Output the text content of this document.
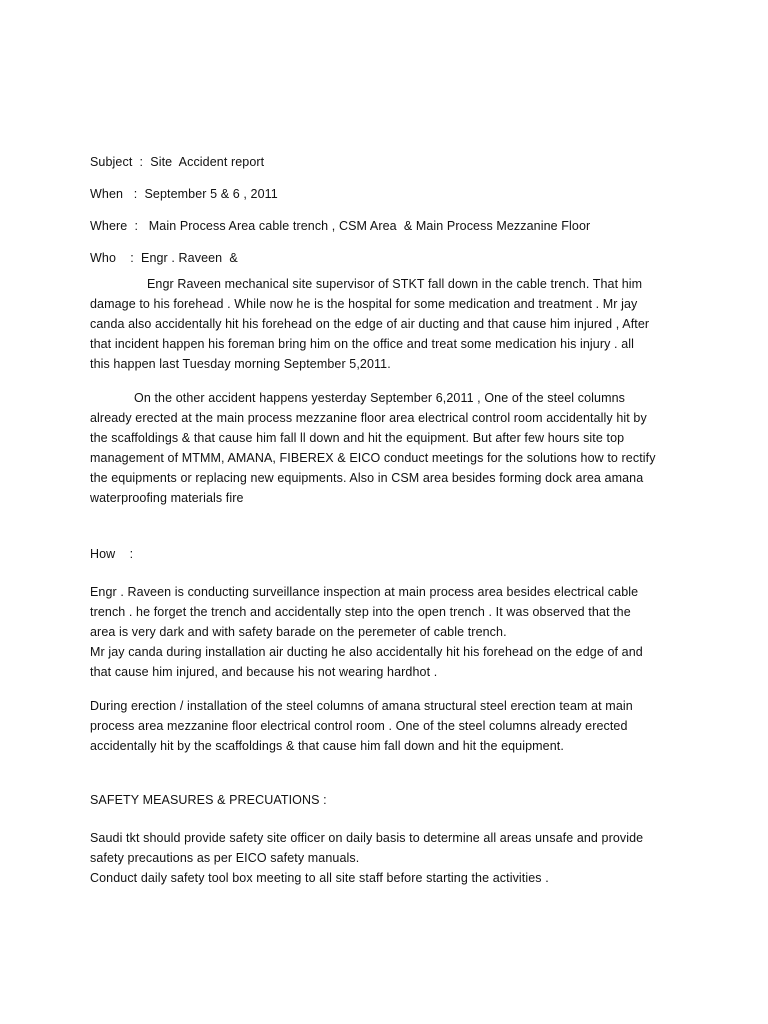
Subject  :  Site  Accident report

When   :  September 5 & 6 , 2011

Where  :   Main Process Area cable trench , CSM Area  & Main Process Mezzanine Floor

Who    :  Engr . Raveen  &

Engr Raveen mechanical site supervisor of STKT fall down in the cable trench. That him

damage to his forehead . While now he is the hospital for some medication and treatment . Mr jay

canda also accidentally hit his forehead on the edge of air ducting and that cause him injured , After

that incident happen his foreman bring him on the office and treat some medication his injury . all

this happen last Tuesday morning September 5,2011.

On the other accident happens yesterday September 6,2011 , One of the steel columns

already erected at the main process mezzanine floor area electrical control room accidentally hit by

the scaffoldings & that cause him fall ll down and hit the equipment. But after few hours site top

management of MTMM, AMANA, FIBEREX & EICO conduct meetings for the solutions how to rectify

the equipments or replacing new equipments. Also in CSM area besides forming dock area amana

waterproofing materials fire

How    :

Engr . Raveen is conducting surveillance inspection at main process area besides electrical cable

trench . he forget the trench and accidentally step into the open trench . It was observed that the

area is very dark and with safety barade on the peremeter of cable trench.

Mr jay canda during installation air ducting he also accidentally hit his forehead on the edge of and

that cause him injured, and because his not wearing hardhot .

During erection / installation of the steel columns of amana structural steel erection team at main

process area mezzanine floor electrical control room . One of the steel columns already erected

accidentally hit by the scaffoldings & that cause him fall down and hit the equipment.

SAFETY MEASURES & PRECUATIONS :

Saudi tkt should provide safety site officer on daily basis to determine all areas unsafe and provide

safety precautions as per EICO safety manuals.

Conduct daily safety tool box meeting to all site staff before starting the activities .
